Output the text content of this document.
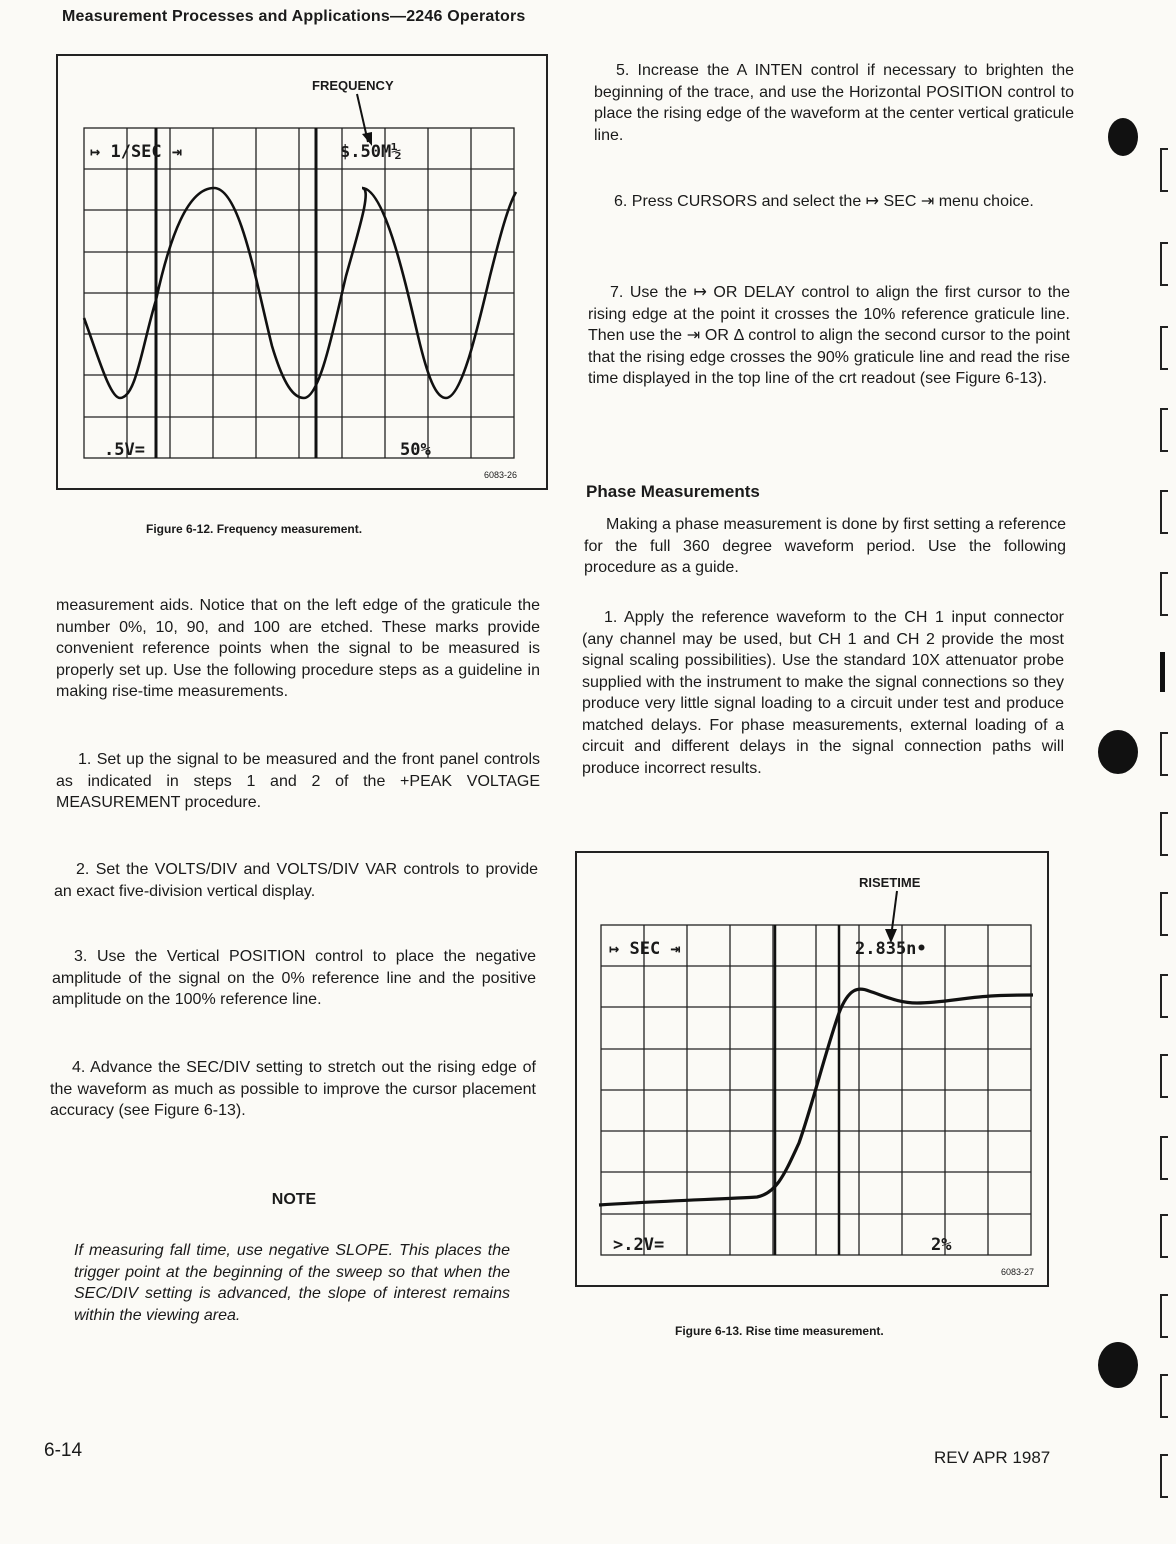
Measurement Processes and Applications—2246 Operators
FREQUENCY
↦ 1/SEC ⇥	$.50M½
.5V=	50%
6083-26
Figure 6-12. Frequency measurement.

measurement aids. Notice that on the left edge of the graticule the number 0%, 10, 90, and 100 are etched. These marks provide convenient reference points when the signal to be measured is properly set up. Use the following procedure steps as a guideline in making rise-time measurements.

1. Set up the signal to be measured and the front panel controls as indicated in steps 1 and 2 of the +PEAK VOLTAGE MEASUREMENT procedure.

2. Set the VOLTS/DIV and VOLTS/DIV VAR controls to provide an exact five-division vertical display.

3. Use the Vertical POSITION control to place the negative amplitude of the signal on the 0% reference line and the positive amplitude on the 100% reference line.

4. Advance the SEC/DIV setting to stretch out the rising edge of the waveform as much as possible to improve the cursor placement accuracy (see Figure 6-13).

NOTE

If measuring fall time, use negative SLOPE. This places the trigger point at the beginning of the sweep so that when the SEC/DIV setting is advanced, the slope of interest remains within the viewing area.

5. Increase the A INTEN control if necessary to brighten the beginning of the trace, and use the Horizontal POSITION control to place the rising edge of the waveform at the center vertical graticule line.

6. Press CURSORS and select the ↦ SEC ⇥ menu choice.

7. Use the ↦ OR DELAY control to align the first cursor to the rising edge at the point it crosses the 10% reference graticule line. Then use the ⇥ OR Δ control to align the second cursor to the point that the rising edge crosses the 90% graticule line and read the rise time displayed in the top line of the crt readout (see Figure 6-13).

Phase Measurements

Making a phase measurement is done by first setting a reference for the full 360 degree waveform period. Use the following procedure as a guide.

1. Apply the reference waveform to the CH 1 input connector (any channel may be used, but CH 1 and CH 2 provide the most signal scaling possibilities). Use the standard 10X attenuator probe supplied with the instrument to make the signal connections so they produce very little signal loading to a circuit under test and produce matched delays. For phase measurements, external loading of a circuit and different delays in the signal connection paths will produce incorrect results.

RISETIME
↦ SEC ⇥	2.835n•
>.2V=	2%
6083-27
Figure 6-13. Rise time measurement.
6-14	REV APR 1987
